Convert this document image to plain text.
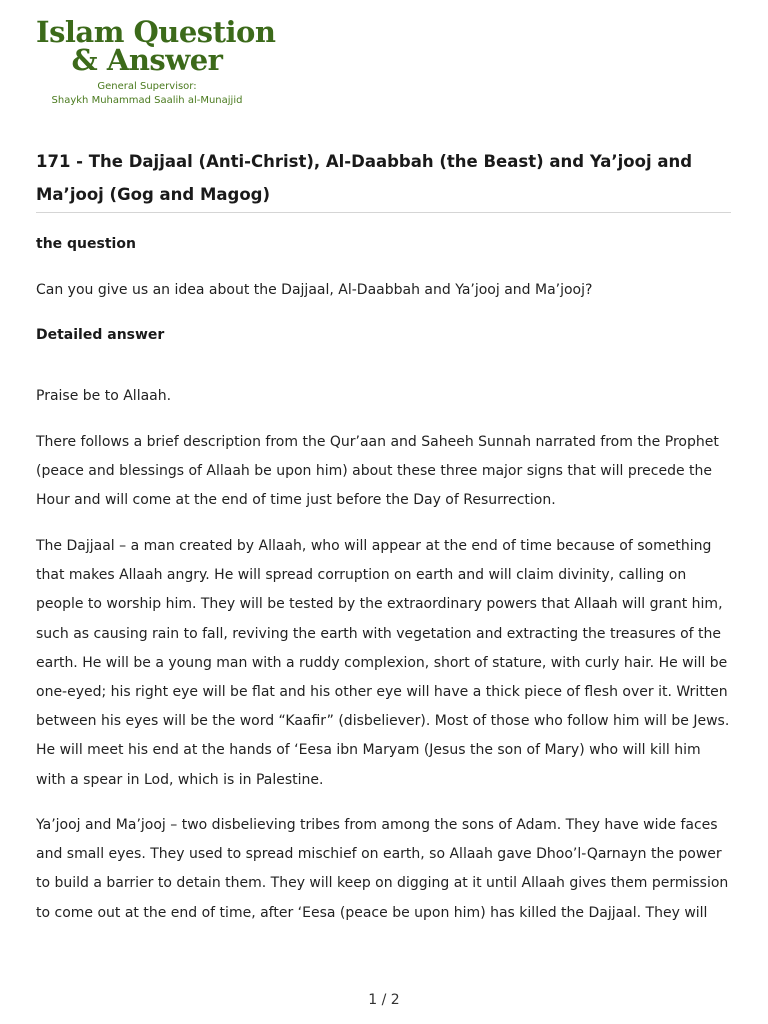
Islam Question
& Answer
General Supervisor:
Shaykh Muhammad Saalih al-Munajjid
171 - The Dajjaal (Anti-Christ), Al-Daabbah (the Beast) and Ya’jooj and
Ma’jooj (Gog and Magog)
the question

Can you give us an idea about the Dajjaal, Al-Daabbah and Ya’jooj and Ma’jooj?

Detailed answer

Praise be to Allaah.

There follows a brief description from the Qur’aan and Saheeh Sunnah narrated from the Prophet
(peace and blessings of Allaah be upon him) about these three major signs that will precede the
Hour and will come at the end of time just before the Day of Resurrection.

The Dajjaal – a man created by Allaah, who will appear at the end of time because of something
that makes Allaah angry. He will spread corruption on earth and will claim divinity, calling on
people to worship him. They will be tested by the extraordinary powers that Allaah will grant him,
such as causing rain to fall, reviving the earth with vegetation and extracting the treasures of the
earth. He will be a young man with a ruddy complexion, short of stature, with curly hair. He will be
one-eyed; his right eye will be flat and his other eye will have a thick piece of flesh over it. Written
between his eyes will be the word “Kaafir” (disbeliever). Most of those who follow him will be Jews.
He will meet his end at the hands of ‘Eesa ibn Maryam (Jesus the son of Mary) who will kill him
with a spear in Lod, which is in Palestine.

Ya’jooj and Ma’jooj – two disbelieving tribes from among the sons of Adam. They have wide faces
and small eyes. They used to spread mischief on earth, so Allaah gave Dhoo’l-Qarnayn the power
to build a barrier to detain them. They will keep on digging at it until Allaah gives them permission
to come out at the end of time, after ‘Eesa (peace be upon him) has killed the Dajjaal. They will

1 / 2
